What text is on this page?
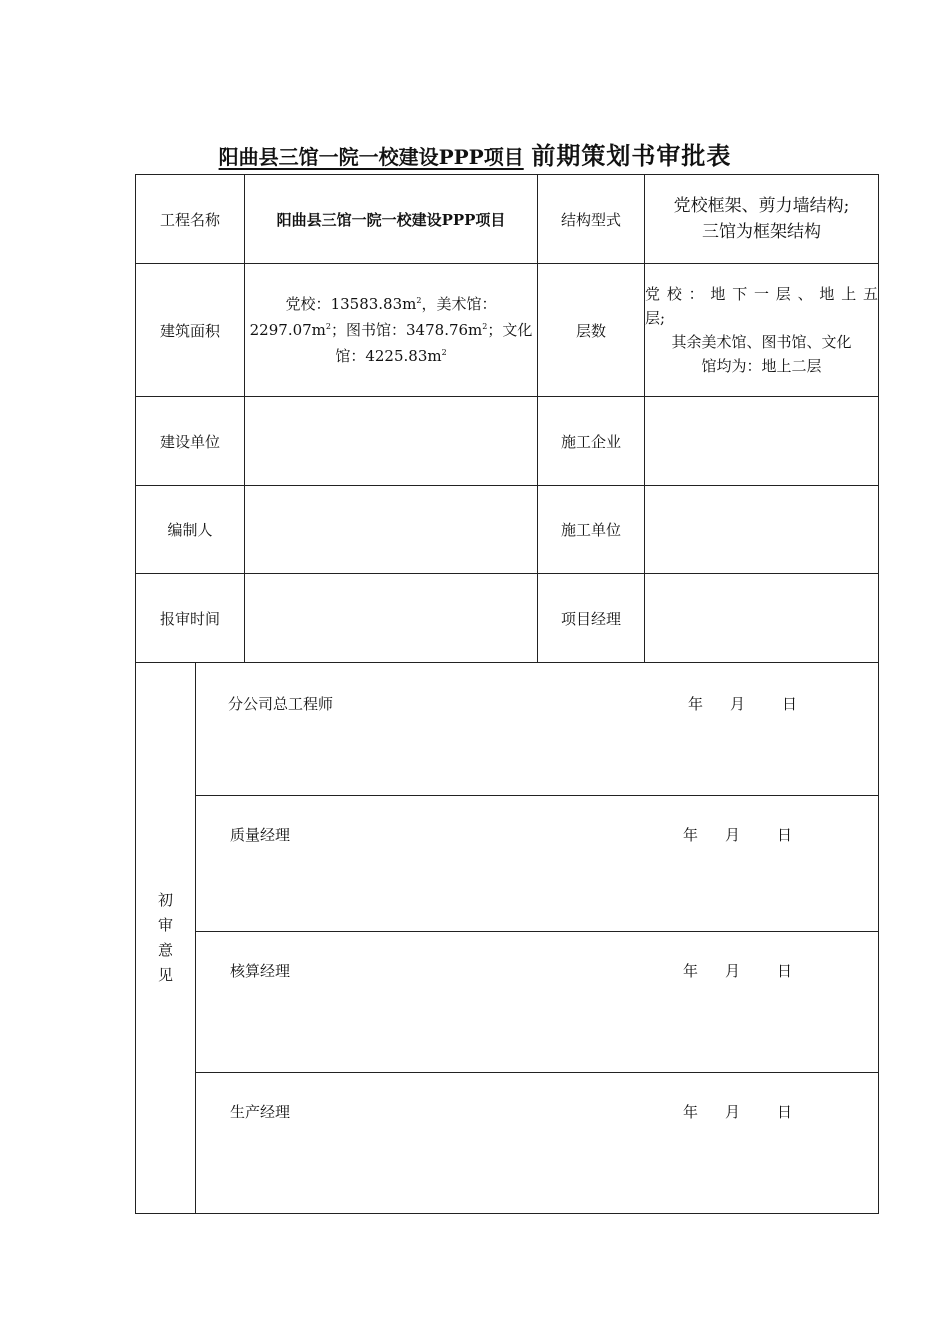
阳曲县三馆一院一校建设PPP项目 前期策划书审批表
工程名称		阳曲县三馆一院一校建设PPP项目	结构型式	党校框架、剪力墙结构;
三馆为框架结构

建筑面积		党校：$13583.83m^2$，美术馆：$2297.07m^2$；图书馆：$3478.76m^2$；文化馆：$4225.83m^2$	层数	党校：地下一层、地上五
层;
其余美术馆、图书馆、文化
馆均为：地上二层

建设单位			施工企业	
编制人			施工单位	
报审时间			项目经理	

初
审
意
见	分公司总工程师 年 月 日			

	质量经理 年 月 日			

	核算经理 年 月 日			

	生产经理 年 月 日			
